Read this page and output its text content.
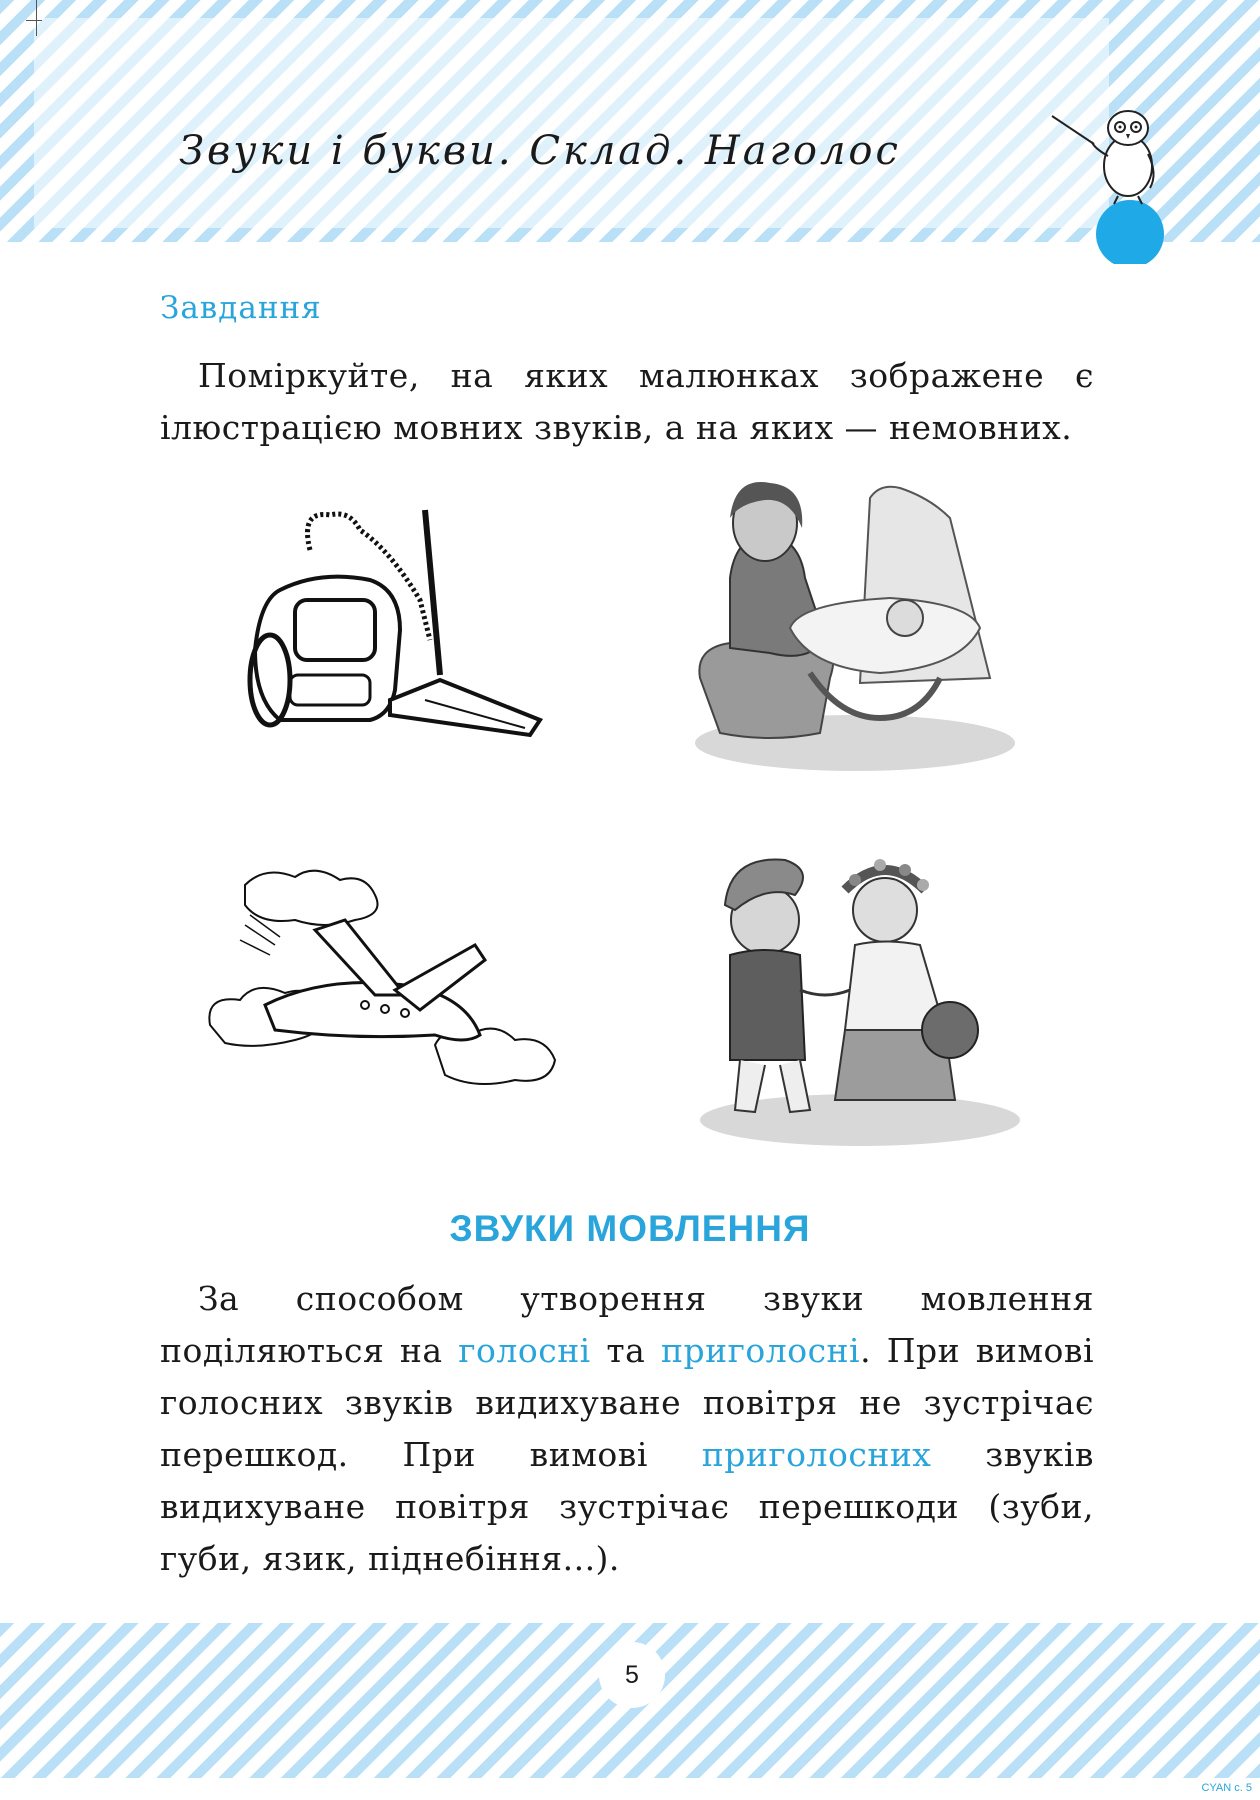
Звуки і букви. Склад. Наголос
Завдання
Поміркуйте, на яких малюнках зображене є ілюстрацією мовних звуків, а на яких — немовних.
ЗВУКИ МОВЛЕННЯ
За способом утворення звуки мовлення поділяються на голосні та приголосні. При вимові голосних звуків видихуване повітря не зустрічає перешкод. При вимові приголосних звуків видихуване повітря зустрічає перешкоди (зуби, губи, язик, піднебіння...).
5
CYAN c. 5
